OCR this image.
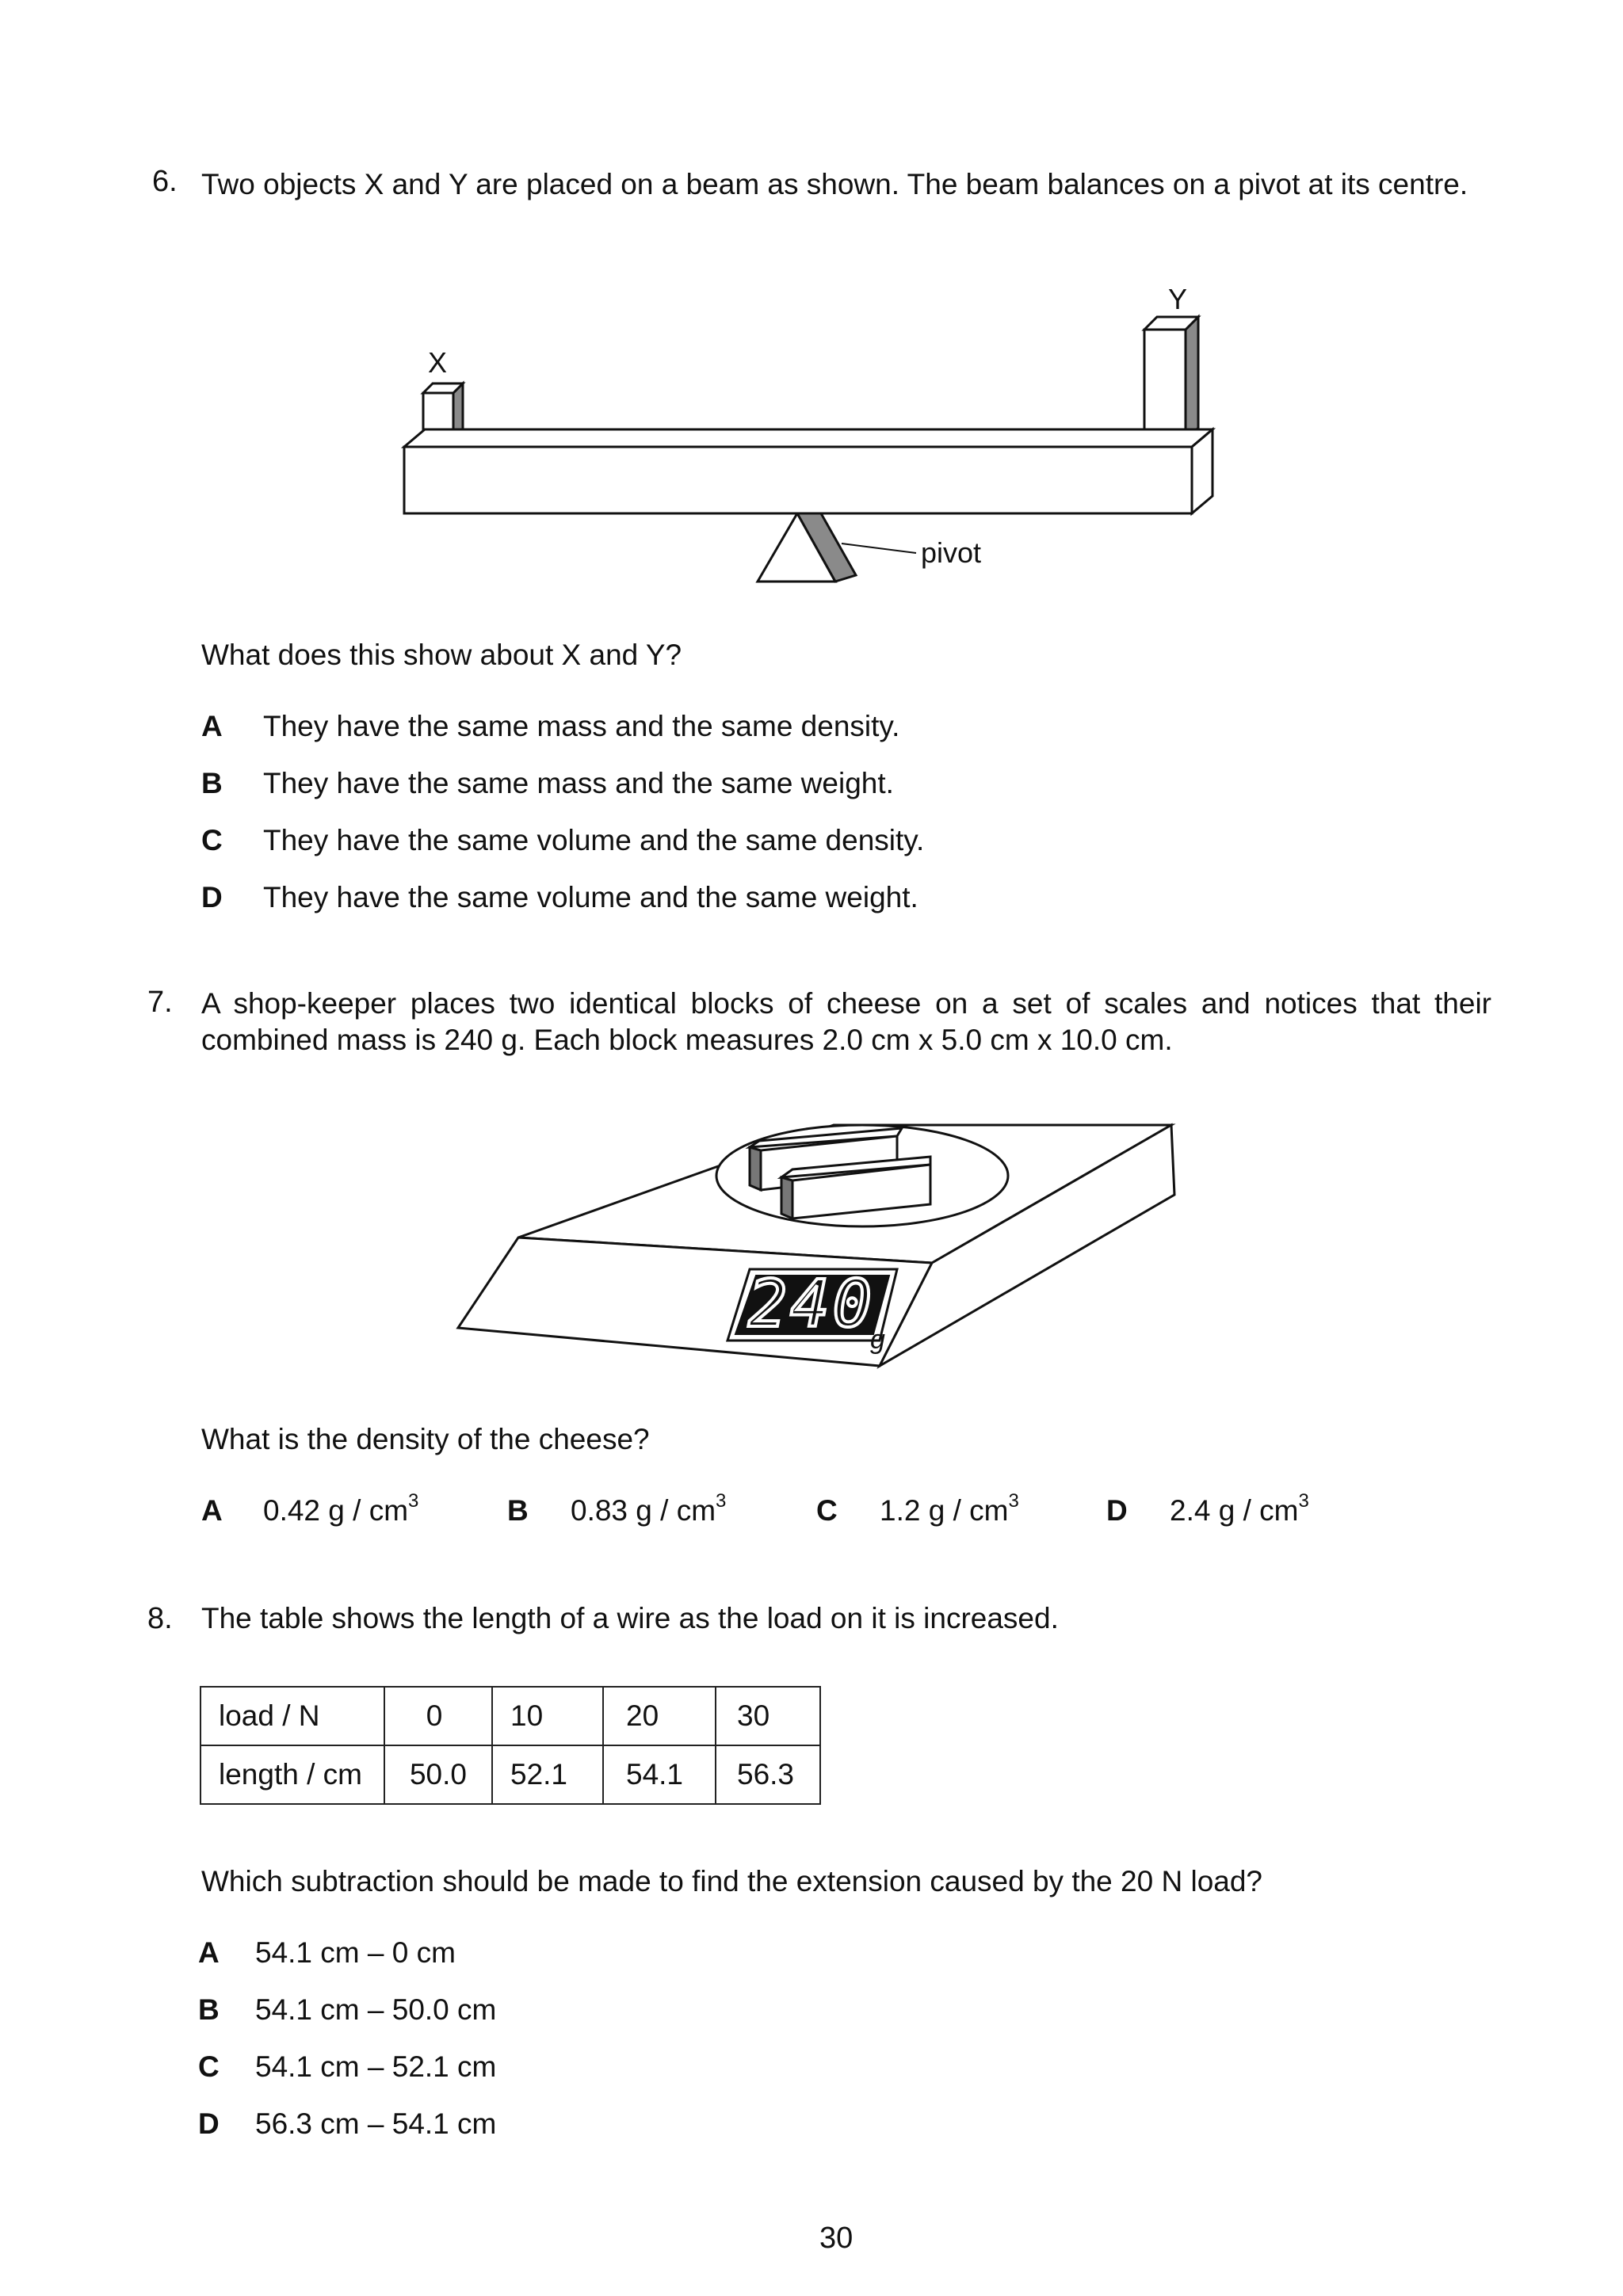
6. Two objects X and Y are placed on a beam as shown. The beam balances on a pivot at its centre.
X
Y
pivot
What does this show about X and Y?
A They have the same mass and the same density.
B They have the same mass and the same weight.
C They have the same volume and the same density.
D They have the same volume and the same weight.
7. A shop-keeper places two identical blocks of cheese on a set of scales and notices that their combined mass is 240 g. Each block measures 2.0 cm x 5.0 cm x 10.0 cm.
240
g
What is the density of the cheese?
A 0.42 g / $cm^3$	B 0.83 g / $cm^3$	C 1.2 g / $cm^3$	D 2.4 g / $cm^3$
8. The table shows the length of a wire as the load on it is increased.
load / N	0	10	20	30
length / cm	50.0	52.1	54.1	56.3
Which subtraction should be made to find the extension caused by the 20 N load?
A 54.1 cm – 0 cm
B 54.1 cm – 50.0 cm
C 54.1 cm – 52.1 cm
D 56.3 cm – 54.1 cm
30
